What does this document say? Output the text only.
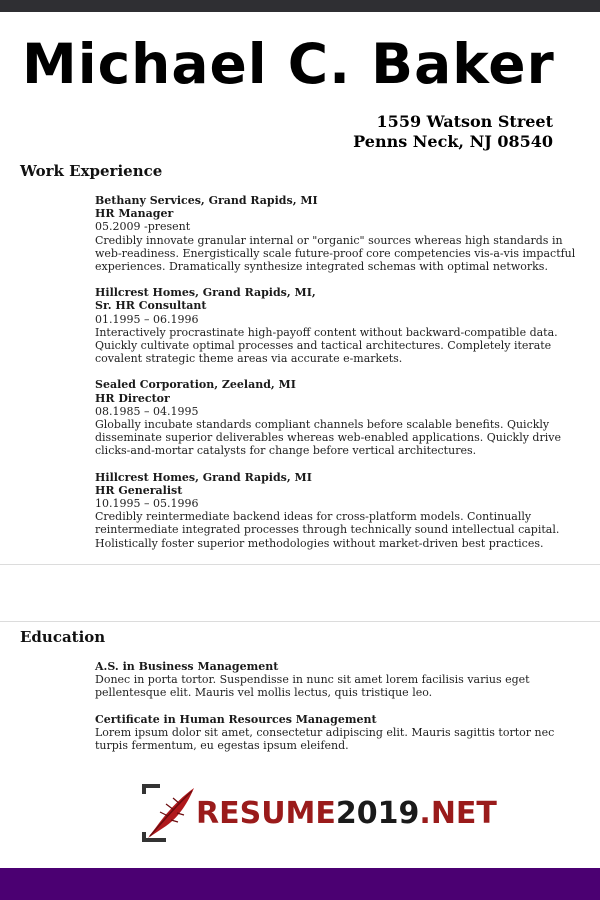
Michael C. Baker
1559 Watson Street
Penns Neck, NJ 08540
Work Experience
Bethany Services, Grand Rapids, MI
HR Manager
05.2009 -present
Credibly innovate granular internal or "organic" sources whereas high standards in web-readiness. Energistically scale future-proof core competencies vis-a-vis impactful experiences. Dramatically synthesize integrated schemas with optimal networks.
Hillcrest Homes, Grand Rapids, MI,
Sr. HR Consultant
01.1995 – 06.1996
Interactively procrastinate high-payoff content without backward-compatible data. Quickly cultivate optimal processes and tactical architectures. Completely iterate covalent strategic theme areas via accurate e-markets.
Sealed Corporation, Zeeland, MI
HR Director
08.1985 – 04.1995
Globally incubate standards compliant channels before scalable benefits. Quickly disseminate superior deliverables whereas web-enabled applications. Quickly drive clicks-and-mortar catalysts for change before vertical architectures.
Hillcrest Homes, Grand Rapids, MI
HR Generalist
10.1995 – 05.1996
Credibly reintermediate backend ideas for cross-platform models. Continually reintermediate integrated processes through technically sound intellectual capital. Holistically foster superior methodologies without market-driven best practices.
Education
A.S. in Business Management
Donec in porta tortor. Suspendisse in nunc sit amet lorem facilisis varius eget pellentesque elit. Mauris vel mollis lectus, quis tristique leo.
Certificate in Human Resources Management
Lorem ipsum dolor sit amet, consectetur adipiscing elit. Mauris sagittis tortor nec turpis fermentum, eu egestas ipsum eleifend.
RESUME2019.NET
